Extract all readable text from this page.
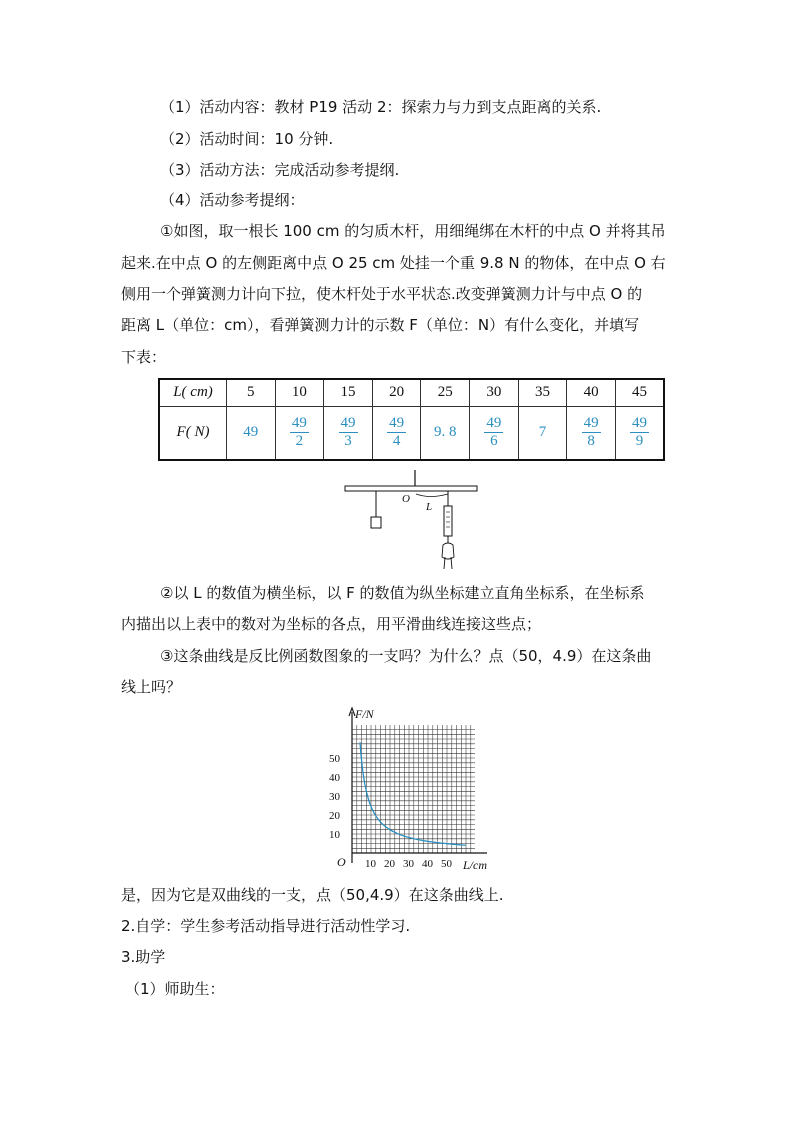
（1）活动内容：教材 P19 活动 2：探索力与力到支点距离的关系.
（2）活动时间：10 分钟.
（3）活动方法：完成活动参考提纲.
（4）活动参考提纲：
①如图，取一根长 100 cm 的匀质木杆，用细绳绑在木杆的中点 O 并将其吊
起来.在中点 O 的左侧距离中点 O 25 cm 处挂一个重 9.8 N 的物体，在中点 O 右
侧用一个弹簧测力计向下拉，使木杆处于水平状态.改变弹簧测力计与中点 O 的
距离 L（单位：cm），看弹簧测力计的示数 F（单位：N）有什么变化，并填写
下表：
L( cm)	5	10	15	20	25	30	35	40	45
F( N)	49	$\frac{49}{2}$	$\frac{49}{3}$	$\frac{49}{4}$	9. 8	$\frac{49}{6}$	7	$\frac{49}{8}$	$\frac{49}{9}$
O
L
②以 L 的数值为横坐标，以 F 的数值为纵坐标建立直角坐标系，在坐标系
内描出以上表中的数对为坐标的各点，用平滑曲线连接这些点；
③这条曲线是反比例函数图象的一支吗？为什么？点（50，4.9）在这条曲
线上吗？
50
40
30
20
10
10 20 30 40 50
F/N
L/cm
O
是，因为它是双曲线的一支，点（50,4.9）在这条曲线上.
2.自学：学生参考活动指导进行活动性学习.
3.助学
（1）师助生：
